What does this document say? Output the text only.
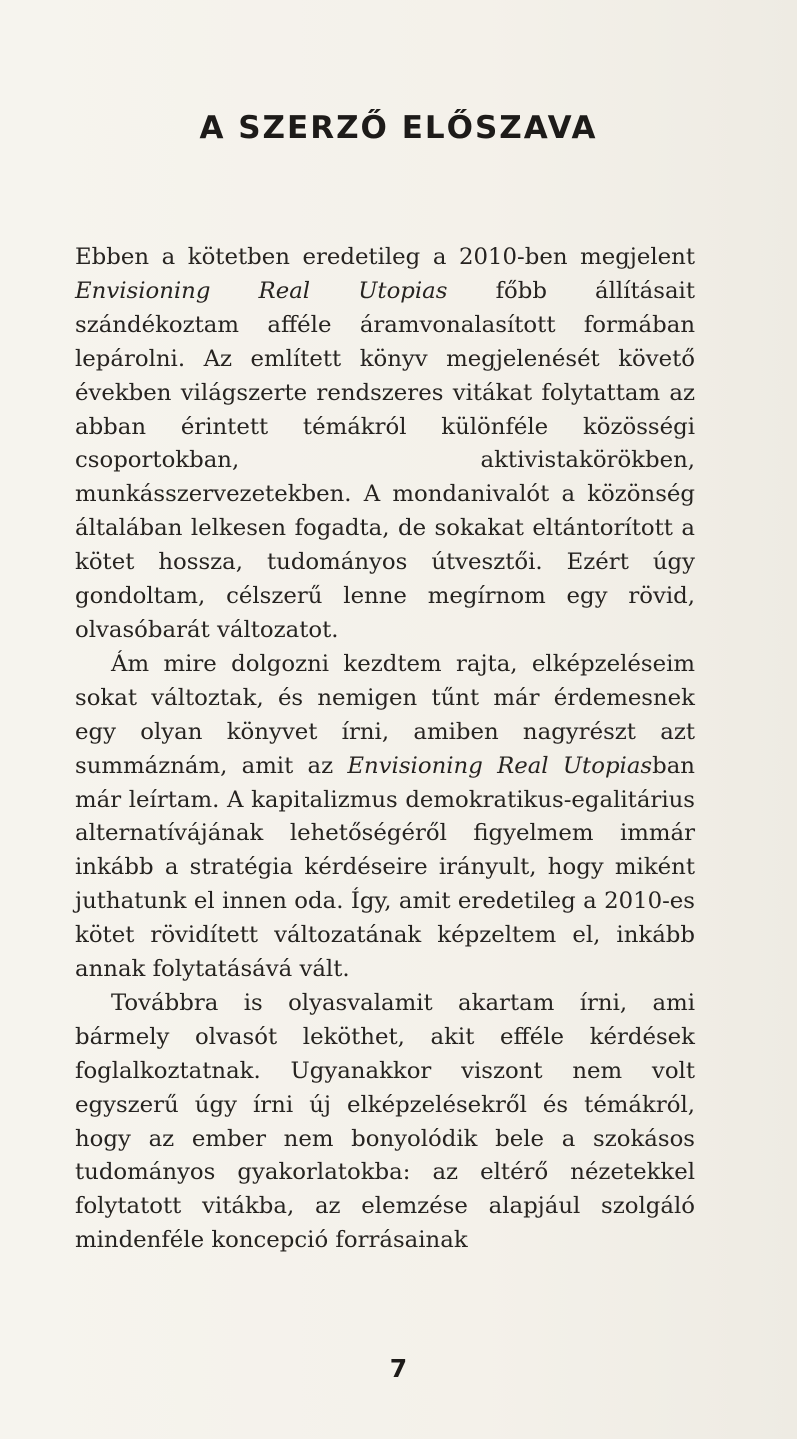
A SZERZŐ ELŐSZAVA

Ebben a kötetben eredetileg a 2010-ben megjelent Envisioning Real Utopias főbb állításait szándékoztam afféle áramvonalasított formában lepárolni. Az említett könyv megjelenését követő években világszerte rendszeres vitákat folytattam az abban érintett témákról különféle közösségi csoportokban, aktivistakörökben, munkásszervezetekben. A mondanivalót a közönség általában lelkesen fogadta, de sokakat eltántorított a kötet hossza, tudományos útvesztői. Ezért úgy gondoltam, célszerű lenne megírnom egy rövid, olvasóbarát változatot.

Ám mire dolgozni kezdtem rajta, elképzeléseim sokat változtak, és nemigen tűnt már érdemesnek egy olyan könyvet írni, amiben nagyrészt azt summáznám, amit az Envisioning Real Utopiasban már leírtam. A kapitalizmus demokratikus-egalitárius alternatívájának lehetőségéről figyelmem immár inkább a stratégia kérdéseire irányult, hogy miként juthatunk el innen oda. Így, amit eredetileg a 2010-es kötet rövidített változatának képzeltem el, inkább annak folytatásává vált.

Továbbra is olyasvalamit akartam írni, ami bármely olvasót leköthet, akit efféle kérdések foglalkoztatnak. Ugyanakkor viszont nem volt egyszerű úgy írni új elképzelésekről és témákról, hogy az ember nem bonyolódik bele a szokásos tudományos gyakorlatokba: az eltérő nézetekkel folytatott vitákba, az elemzése alapjául szolgáló mindenféle koncepció forrásainak

7
